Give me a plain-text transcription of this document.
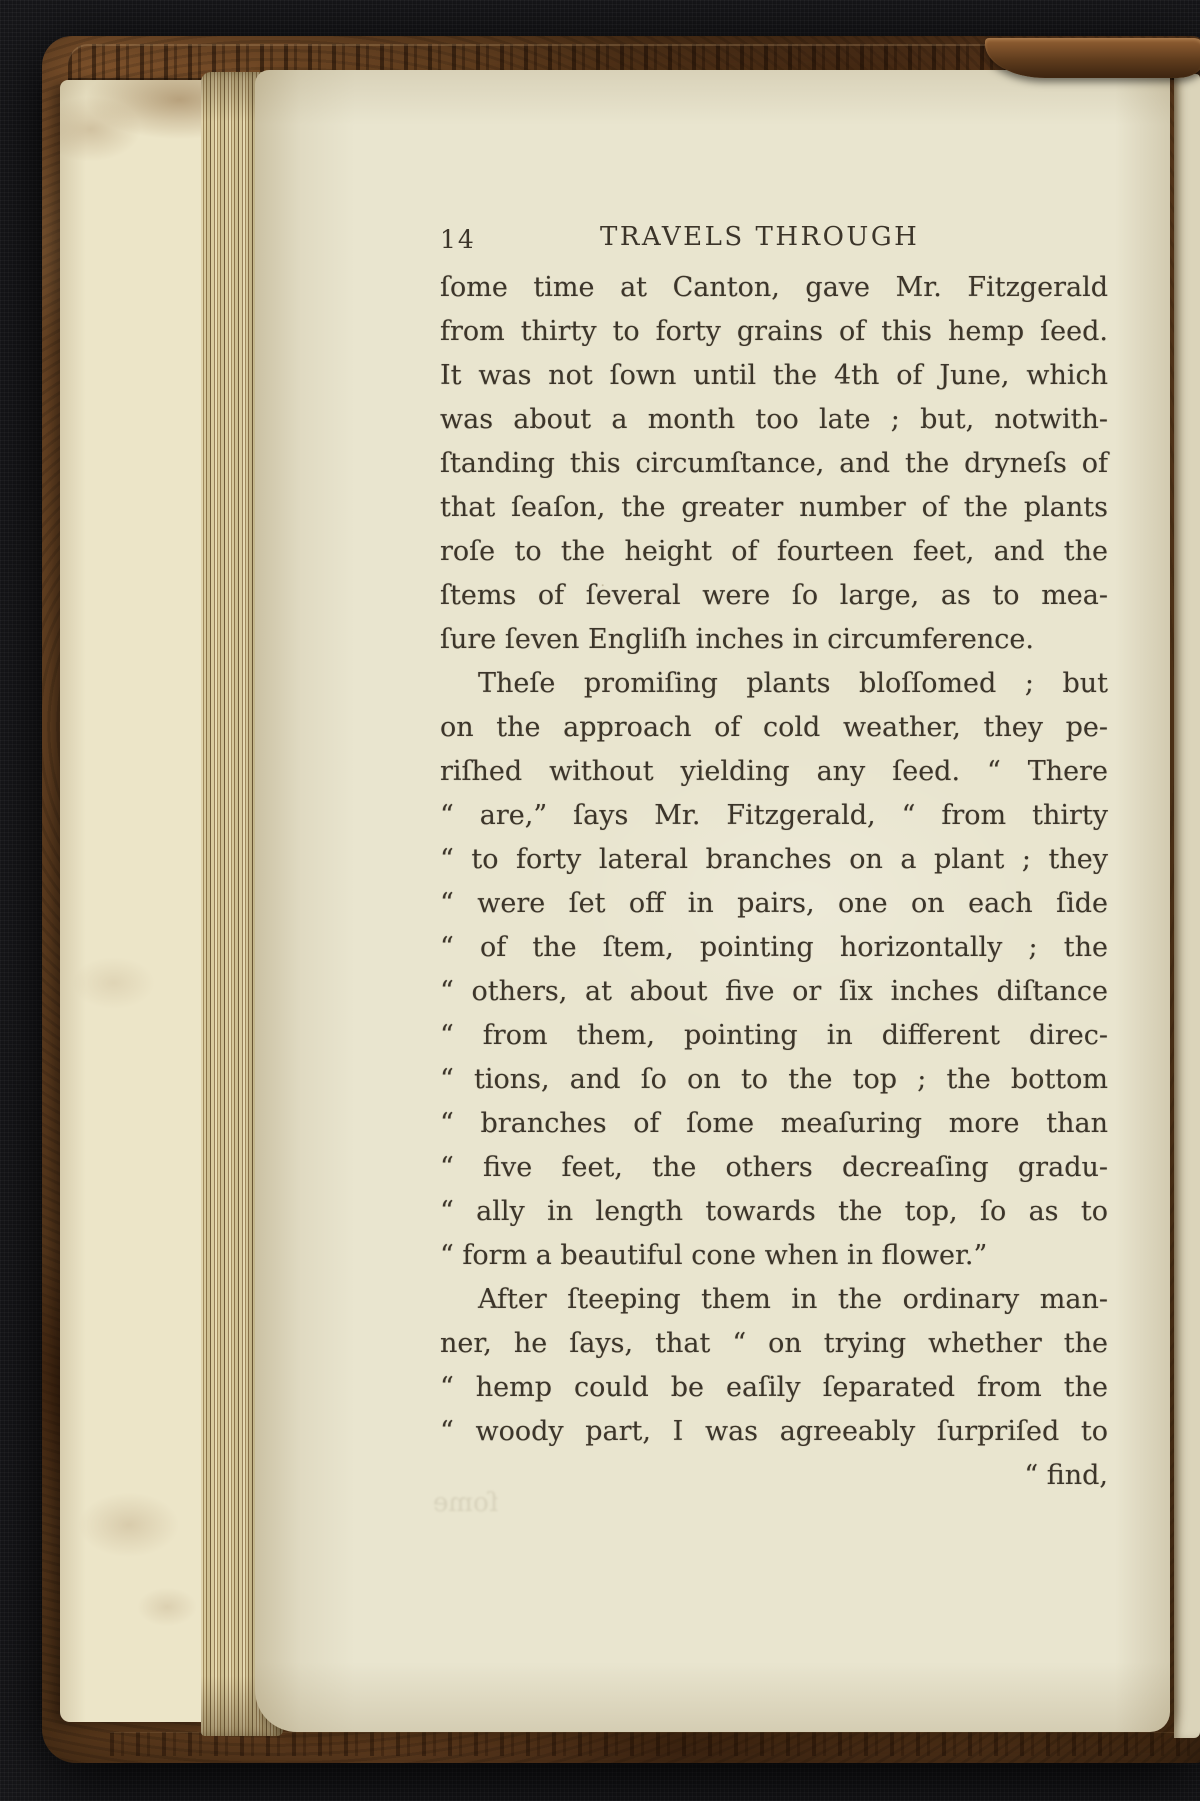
14	TRAVELS THROUGH
ſome time at Canton, gave Mr. Fitzgerald
from thirty to forty grains of this hemp ſeed.
It was not ſown until the 4th of June, which
was about a month too late ; but, notwith-
ſtanding this circumſtance, and the dryneſs of
that ſeaſon, the greater number of the plants
roſe to the height of fourteen feet, and the
ſtems of ſeveral were ſo large, as to mea-
ſure ſeven Engliſh inches in circumference.
Theſe promiſing plants bloſſomed ; but
on the approach of cold weather, they pe-
riſhed without yielding any ſeed. “ There
“ are,” ſays Mr. Fitzgerald, “ from thirty
“ to forty lateral branches on a plant ; they
“ were ſet off in pairs, one on each ſide
“ of the ſtem, pointing horizontally ; the
“ others, at about five or ſix inches diſtance
“ from them, pointing in different direc-
“ tions, and ſo on to the top ; the bottom
“ branches of ſome meaſuring more than
“ five feet, the others decreaſing gradu-
“ ally in length towards the top, ſo as to
“ form a beautiful cone when in flower.”
After ſteeping them in the ordinary man-
ner, he ſays, that “ on trying whether the
“ hemp could be eaſily ſeparated from the
“ woody part, I was agreeably ſurpriſed to
“ find,
ſome
